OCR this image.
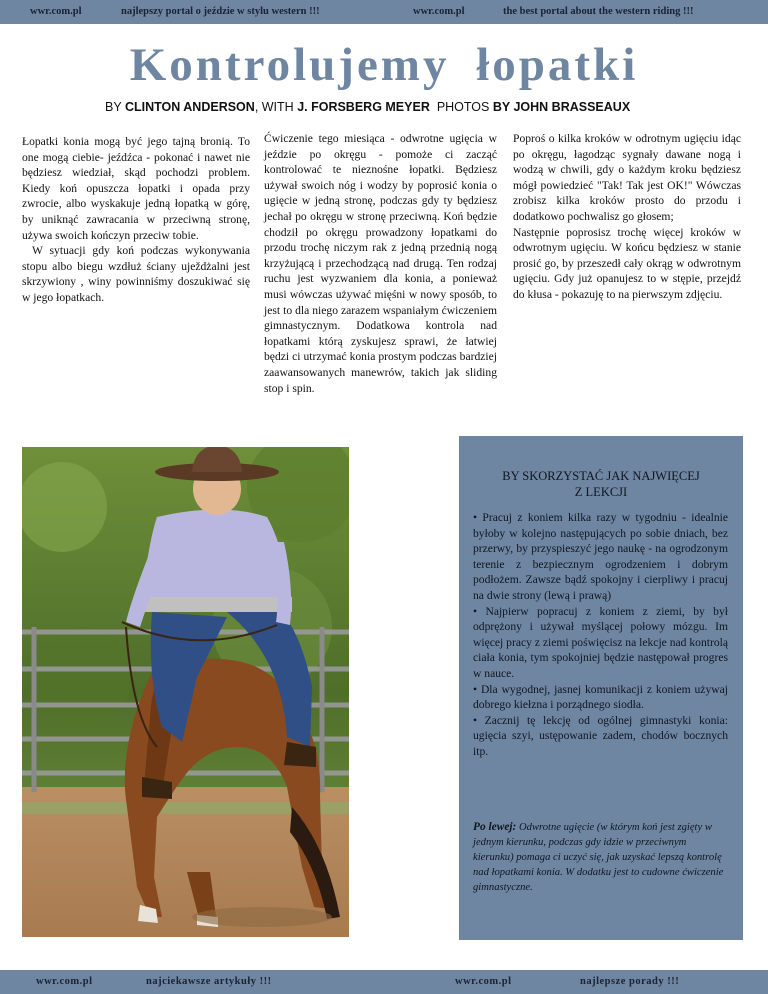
wwr.com.pl	najlepszy portal o jeździe w stylu western !!!	wwr.com.pl	the best portal about the western riding !!!
Kontrolujemy łopatki
BY CLINTON ANDERSON, WITH J. FORSBERG MEYER PHOTOS BY JOHN BRASSEAUX

Łopatki konia mogą być jego tajną bronią. To one mogą ciebie- jeźdźca - pokonać i nawet nie będziesz wiedział, skąd pochodzi problem. Kiedy koń opuszcza łopatki i opada przy zwrocie, albo wyskakuje jedną łopatką w górę, by uniknąć zawracania w przeciwną stronę, używa swoich kończyn przeciw tobie.

W sytuacji gdy koń podczas wykonywania stopu albo biegu wzdłuż ściany uježdżalni jest skrzywiony , winy powinniśmy doszukiwać się w jego łopatkach.

Ćwiczenie tego miesiąca - odwrotne ugięcia w jeździe po okręgu - pomoże ci zacząć kontrolować te nieznośne łopatki. Będziesz używał swoich nóg i wodzy by poprosić konia o ugięcie w jedną stronę, podczas gdy ty będziesz jechał po okręgu w stronę przeciwną. Koń będzie chodził po okręgu prowadzony łopatkami do przodu trochę niczym rak z jedną przednią nogą krzyżującą i przechodzącą nad drugą. Ten rodzaj ruchu jest wyzwaniem dla konia, a ponieważ musi wówczas używać mięśni w nowy sposób, to jest to dla niego zarazem wspaniałym ćwiczeniem gimnastycznym. Dodatkowa kontrola nad łopatkami którą zyskujesz sprawi, że łatwiej będzi ci utrzymać konia prostym podczas bardziej zaawansowanych manewrów, takich jak sliding stop i spin.

Poproś o kilka kroków w odrotnym ugięciu idąc po okręgu, łagodząc sygnały dawane nogą i wodzą w chwili, gdy o każdym kroku będziesz mógł powiedzieć "Tak! Tak jest OK!" Wówczas zrobisz kilka kroków prosto do przodu i dodatkowo pochwalisz go głosem;

Następnie poprosisz trochę więcej kroków w odwrotnym ugięciu. W końcu będziesz w stanie prosić go, by przeszedł cały okrąg w odwrotnym ugięciu. Gdy już opanujesz to w stępie, przejdź do kłusa - pokazuję to na pierwszym zdjęciu.

BY SKORZYSTAĆ JAK NAJWIĘCEJ
Z LEKCJI

• Pracuj z koniem kilka razy w tygodniu - idealnie byłoby w kolejno następujących po sobie dniach, bez przerwy, by przyspieszyć jego naukę - na ogrodzonym terenie z bezpiecznym ogrodzeniem i dobrym podłożem. Zawsze bądź spokojny i cierpliwy i pracuj na dwie strony (lewą i prawą)

• Najpierw popracuj z koniem z ziemi, by był odprężony i używał myślącej połowy mózgu. Im więcej pracy z ziemi poświęcisz na lekcje nad kontrolą ciała konia, tym spokojniej będzie następował progres w nauce.

• Dla wygodnej, jasnej komunikacji z koniem używaj dobrego kiełzna i porządnego siodła.

• Zacznij tę lekcję od ogólnej gimnastyki konia: ugięcia szyi, ustępowanie zadem, chodów bocznych itp.

Po lewej: Odwrotne ugięcie (w którym koń jest zgięty w jednym kierunku, podczas gdy idzie w przeciwnym kierunku) pomaga ci uczyć się, jak uzyskać lepszą kontrolę nad łopatkami konia. W dodatku jest to cudowne ćwiczenie gimnastyczne.
wwr.com.pl	najciekawsze artykuły !!!	wwr.com.pl	najlepsze porady !!!
